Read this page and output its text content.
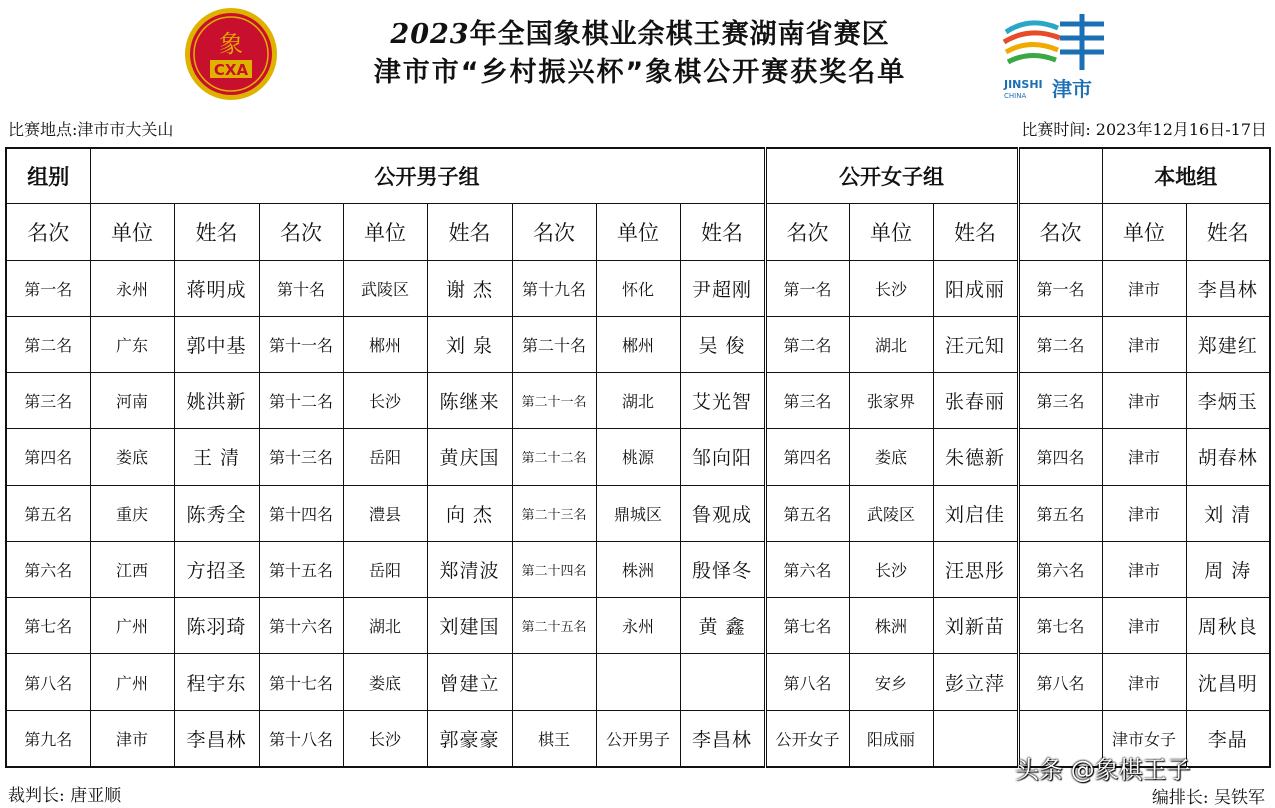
象
CXA
2023年全国象棋业余棋王赛湖南省赛区
津市市“乡村振兴杯”象棋公开赛获奖名单	JINSHI
CHINA 津市
比赛地点:津市市大关山	比赛时间: 2023年12月16日-17日
组别	公开男子组								公开女子组				本地组	
名次	单位	姓名	名次	单位	姓名	名次	单位	姓名	名次	单位	姓名	名次	单位	姓名
第一名	永州	蒋明成	第十名	武陵区	谢 杰	第十九名	怀化	尹超刚	第一名	长沙	阳成丽	第一名	津市	李昌林
第二名	广东	郭中基	第十一名	郴州	刘 泉	第二十名	郴州	吴 俊	第二名	湖北	汪元知	第二名	津市	郑建红
第三名	河南	姚洪新	第十二名	长沙	陈继来	第二十一名	湖北	艾光智	第三名	张家界	张春丽	第三名	津市	李炳玉
第四名	娄底	王 清	第十三名	岳阳	黄庆国	第二十二名	桃源	邹向阳	第四名	娄底	朱德新	第四名	津市	胡春林
第五名	重庆	陈秀全	第十四名	澧县	向 杰	第二十三名	鼎城区	鲁观成	第五名	武陵区	刘启佳	第五名	津市	刘 清
第六名	江西	方招圣	第十五名	岳阳	郑清波	第二十四名	株洲	殷怿冬	第六名	长沙	汪思彤	第六名	津市	周 涛
第七名	广州	陈羽琦	第十六名	湖北	刘建国	第二十五名	永州	黄 鑫	第七名	株洲	刘新苗	第七名	津市	周秋良
第八名	广州	程宇东	第十七名	娄底	曾建立				第八名	安乡	彭立萍	第八名	津市	沈昌明
第九名	津市	李昌林	第十八名	长沙	郭豪豪	棋王	公开男子	李昌林	公开女子	阳成丽			津市女子	李晶
裁判长: 唐亚顺	编排长: 吴铁军
头条 @象棋王子
